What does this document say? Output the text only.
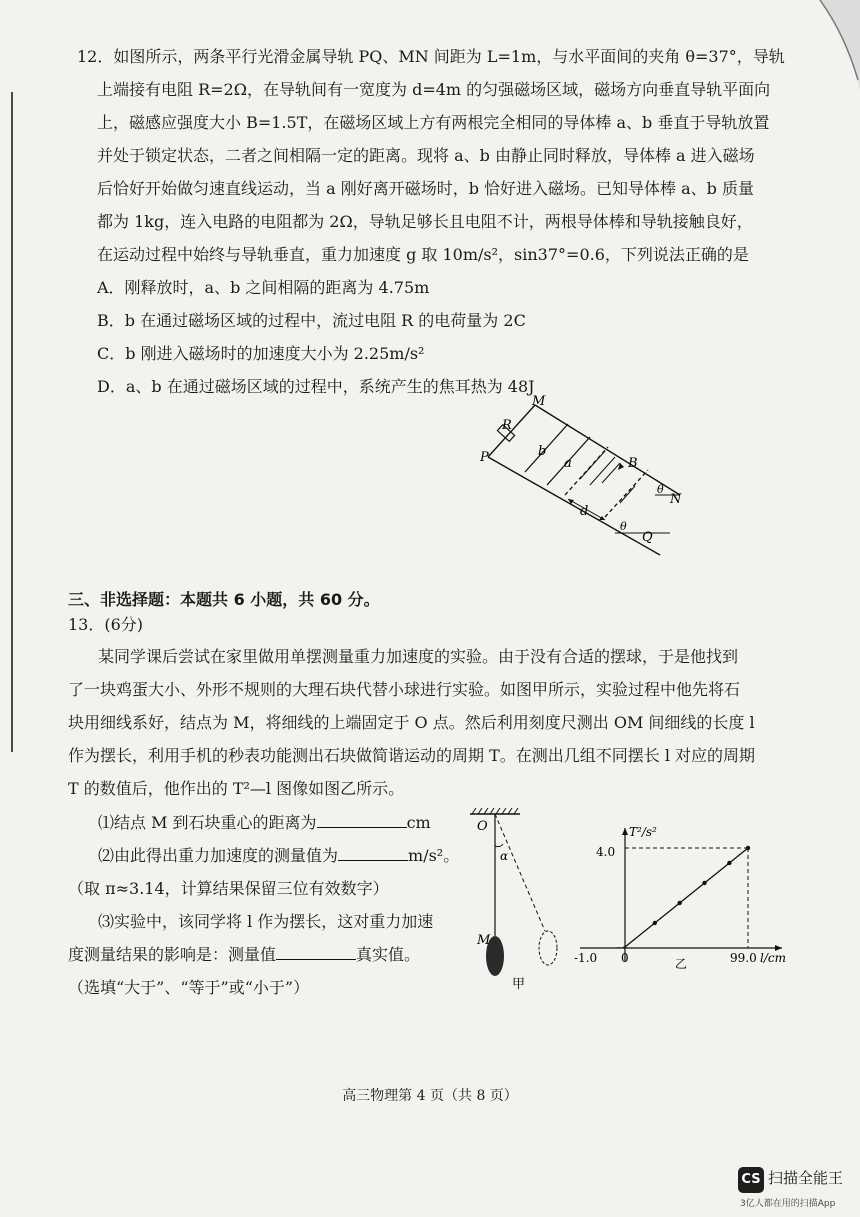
12．如图所示，两条平行光滑金属导轨 PQ、MN 间距为 L=1m，与水平面间的夹角 θ=37°，导轨

上端接有电阻 R=2Ω，在导轨间有一宽度为 d=4m 的匀强磁场区域，磁场方向垂直导轨平面向

上，磁感应强度大小 B=1.5T，在磁场区域上方有两根完全相同的导体棒 a、b 垂直于导轨放置

并处于锁定状态，二者之间相隔一定的距离。现将 a、b 由静止同时释放，导体棒 a 进入磁场

后恰好开始做匀速直线运动，当 a 刚好离开磁场时，b 恰好进入磁场。已知导体棒 a、b 质量

都为 1kg，连入电路的电阻都为 2Ω，导轨足够长且电阻不计，两根导体棒和导轨接触良好，

在运动过程中始终与导轨垂直，重力加速度 g 取 10m/s²，sin37°=0.6，下列说法正确的是

A．刚释放时，a、b 之间相隔的距离为 4.75m

B．b 在通过磁场区域的过程中，流过电阻 R 的电荷量为 2C

C．b 刚进入磁场时的加速度大小为 2.25m/s²

D．a、b 在通过磁场区域的过程中，系统产生的焦耳热为 48J

M
R
P	b
a	B
θ
N
d
θ
Q
三、非选择题：本题共 6 小题，共 60 分。
13．(6分)

某同学课后尝试在家里做用单摆测量重力加速度的实验。由于没有合适的摆球，于是他找到

了一块鸡蛋大小、外形不规则的大理石块代替小球进行实验。如图甲所示，实验过程中他先将石

块用细线系好，结点为 M，将细线的上端固定于 O 点。然后利用刻度尺测出 OM 间细线的长度 l

作为摆长，利用手机的秒表功能测出石块做简谐运动的周期 T。在测出几组不同摆长 l 对应的周期

T 的数值后，他作出的 T²—l 图像如图乙所示。

⑴结点 M 到石块重心的距离为	cm
⑵由此得出重力加速度的测量值为	m/s²。
（取 π≈3.14，计算结果保留三位有效数字）
⑶实验中，该同学将 l 作为摆长，这对重力加速
度测量结果的影响是：测量值	真实值。
（选填“大于”、“等于”或“小于”）
O
α
M
甲
T²/s²
4.0
-1.0 0	99.0 l/cm
乙
高三物理第 4 页（共 8 页）
CS 扫描全能王
3亿人都在用的扫描App
